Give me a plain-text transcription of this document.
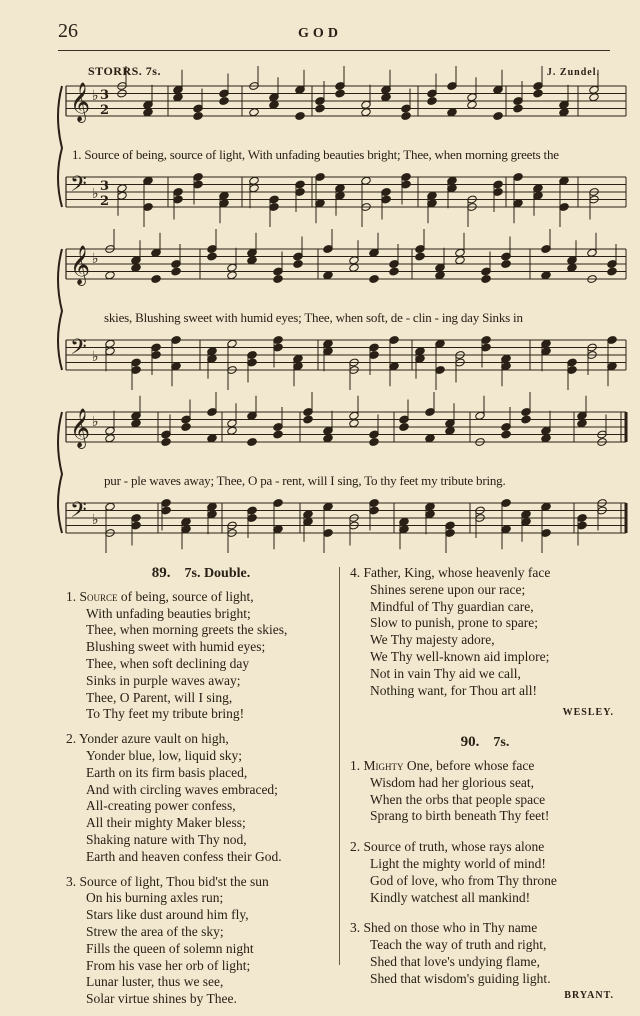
26	GOD
STORRS. 7s.	J. Zundel.
𝄞 ♭ 3
2
𝄢 ♭ 3
2
𝄞 ♭
𝄢 ♭
𝄞 ♭
𝄢 ♭
1. Source of being, source of light, With unfading beauties bright; Thee, when morning greets the
skies, Blushing sweet with humid eyes; Thee, when soft, de - clin - ing day Sinks in
pur - ple waves away; Thee, O pa - rent, will I sing, To thy feet my tribute bring.
89. 7s. Double.
1. Source of being, source of light,
With unfading beauties bright;
Thee, when morning greets the skies,
Blushing sweet with humid eyes;
Thee, when soft declining day
Sinks in purple waves away;
Thee, O Parent, will I sing,
To Thy feet my tribute bring!
2. Yonder azure vault on high,
Yonder blue, low, liquid sky;
Earth on its firm basis placed,
And with circling waves embraced;
All-creating power confess,
All their mighty Maker bless;
Shaking nature with Thy nod,
Earth and heaven confess their God.
3. Source of light, Thou bid'st the sun
On his burning axles run;
Stars like dust around him fly,
Strew the area of the sky;
Fills the queen of solemn night
From his vase her orb of light;
Lunar luster, thus we see,
Solar virtue shines by Thee.
4. Father, King, whose heavenly face
Shines serene upon our race;
Mindful of Thy guardian care,
Slow to punish, prone to spare;
We Thy majesty adore,
We Thy well-known aid implore;
Not in vain Thy aid we call,
Nothing want, for Thou art all!
WESLEY.
90. 7s.
1. Mighty One, before whose face
Wisdom had her glorious seat,
When the orbs that people space
Sprang to birth beneath Thy feet!
2. Source of truth, whose rays alone
Light the mighty world of mind!
God of love, who from Thy throne
Kindly watchest all mankind!
3. Shed on those who in Thy name
Teach the way of truth and right,
Shed that love's undying flame,
Shed that wisdom's guiding light.
BRYANT.
